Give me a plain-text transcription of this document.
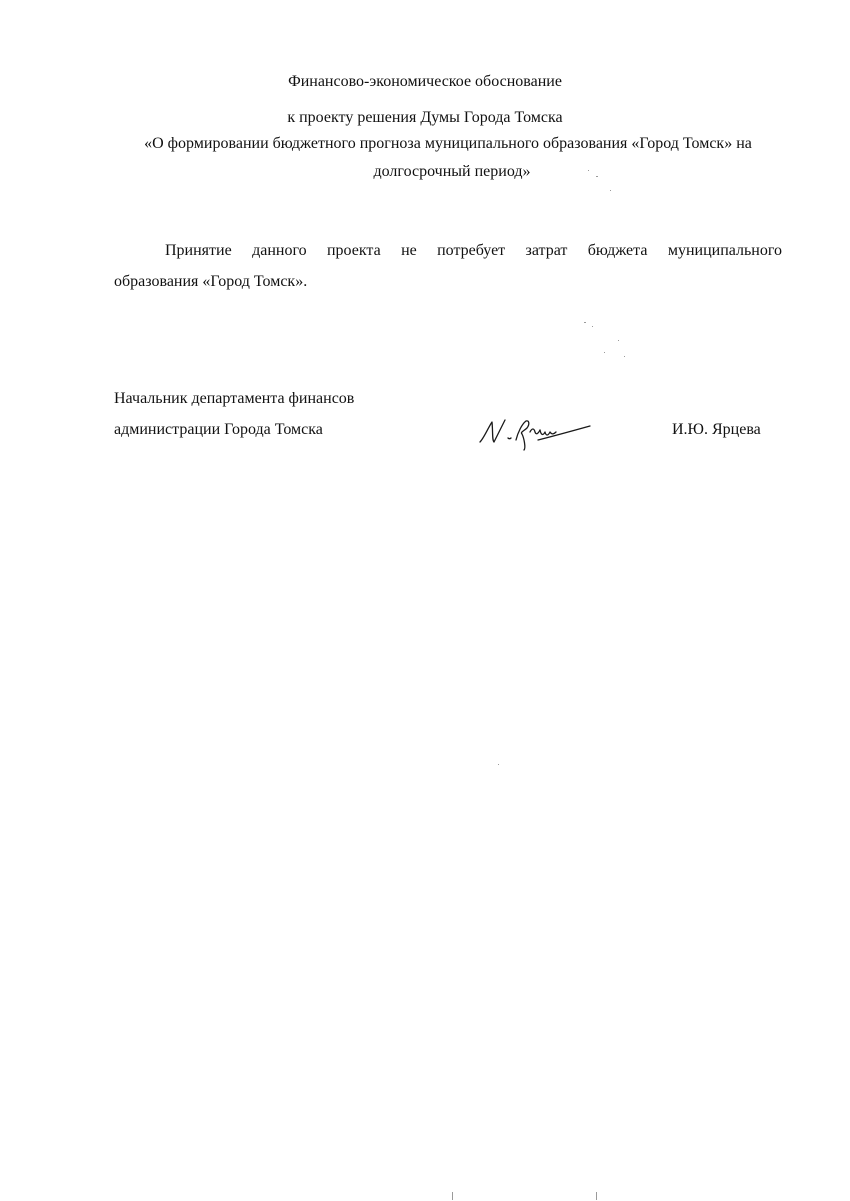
Финансово-экономическое обоснование
к проекту решения Думы Города Томска
«О формировании бюджетного прогноза муниципального образования «Город Томск» на
долгосрочный период»
Принятие данного проекта не потребует затрат бюджета муниципального
образования «Город Томск».
Начальник департамента финансов
администрации Города Томска	И.Ю. Ярцева
